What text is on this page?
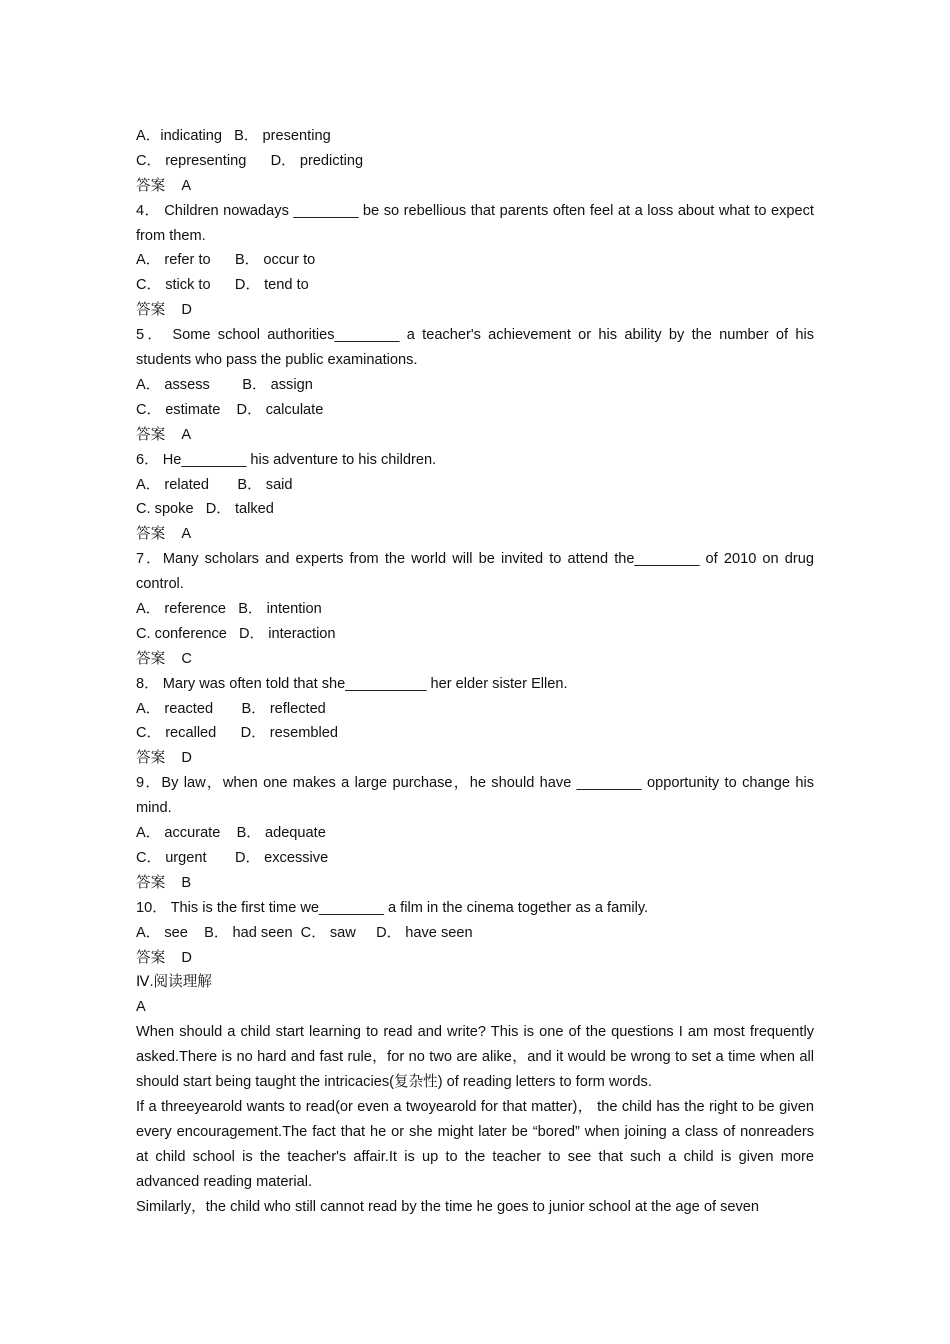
A．indicating   B． presenting
C． representing      D． predicting
答案    A
4． Children nowadays ________ be so rebellious that parents often feel at a loss about what to expect from them.
A． refer to      B． occur to
C． stick to      D． tend to
答案    D
5． Some school authorities________ a teacher's achievement or his ability by the number of his students who pass the public examinations.
A． assess        B． assign
C． estimate    D． calculate
答案    A
6． He________ his adventure to his children.
A． related       B． said
C. spoke   D． talked
答案    A
7．Many scholars and experts from the world will be invited to attend the________ of 2010 on drug control.
A． reference   B． intention
C. conference   D． interaction
答案    C
8． Mary was often told that she__________ her elder sister Ellen.
A． reacted       B． reflected
C． recalled      D． resembled
答案    D
9．By law，when one makes a large purchase，he should have ________ opportunity to change his mind.
A． accurate    B． adequate
C． urgent       D． excessive
答案    B
10． This is the first time we________ a film in the cinema together as a family.
A． see    B． had seen  C． saw     D． have seen
答案    D
Ⅳ.阅读理解
A
When should a child start learning to read and write? This is one of the questions I am most frequently asked.There is no hard and fast rule，for no two are alike，and it would be wrong to set a time when all should start being taught the intricacies(复杂性) of reading letters to form words.
If a threeyearold wants to read(or even a twoyearold for that matter)， the child has the right to be given every encouragement.The fact that he or she might later be “bored” when joining a class of nonreaders at child school is the teacher's affair.It is up to the teacher to see that such a child is given more advanced reading material.
Similarly，the child who still cannot read by the time he goes to junior school at the age of seven
